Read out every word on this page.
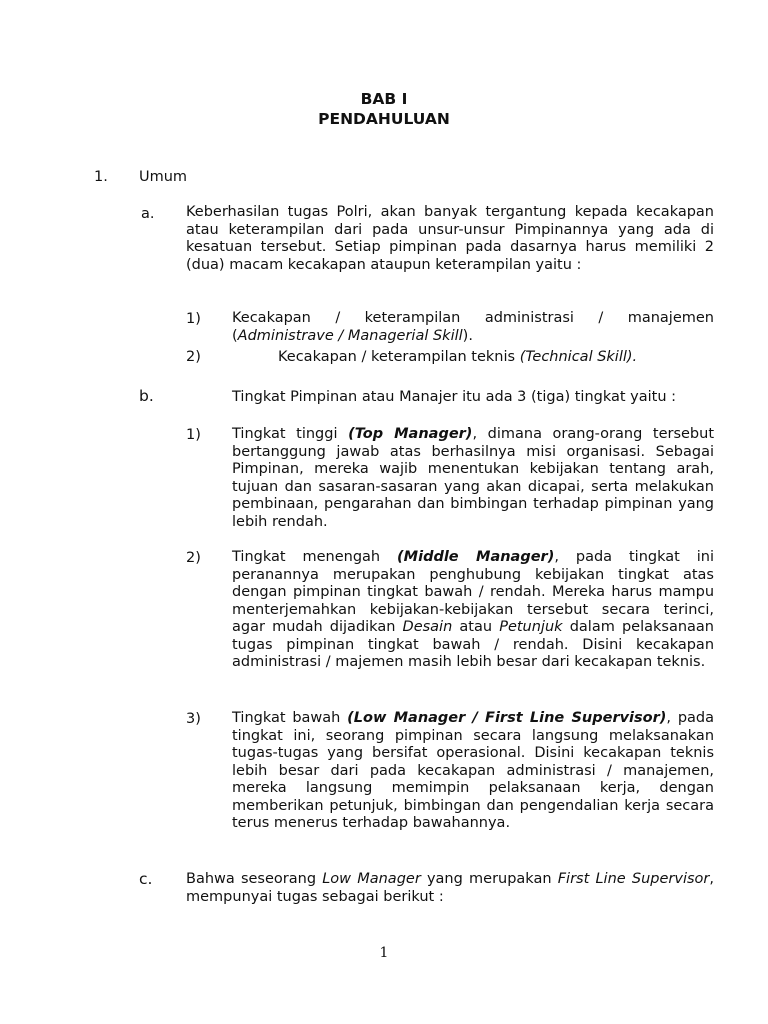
BAB I
PENDAHULUAN
1. Umum
a. Keberhasilan tugas Polri, akan banyak tergantung kepada kecakapan atau keterampilan dari pada unsur-unsur Pimpinannya yang ada di kesatuan tersebut. Setiap pimpinan pada dasarnya harus memiliki 2 (dua) macam kecakapan ataupun keterampilan yaitu :
1) Kecakapan / keterampilan administrasi / manajemen (Administrave / Managerial Skill).
2)	Kecakapan / keterampilan teknis (Technical Skill).
b.	Tingkat Pimpinan atau Manajer itu ada 3 (tiga) tingkat yaitu :
1) Tingkat tinggi (Top Manager), dimana orang-orang tersebut bertanggung jawab atas berhasilnya misi organisasi. Sebagai Pimpinan, mereka wajib menentukan kebijakan tentang arah, tujuan dan sasaran-sasaran yang akan dicapai, serta melakukan pembinaan, pengarahan dan bimbingan terhadap pimpinan yang lebih rendah.
2) Tingkat menengah (Middle Manager), pada tingkat ini peranannya merupakan penghubung kebijakan tingkat atas dengan pimpinan tingkat bawah / rendah. Mereka harus mampu menterjemahkan kebijakan-kebijakan tersebut secara terinci, agar mudah dijadikan Desain atau Petunjuk dalam pelaksanaan tugas pimpinan tingkat bawah / rendah. Disini kecakapan administrasi / majemen masih lebih besar dari kecakapan teknis.
3) Tingkat bawah (Low Manager / First Line Supervisor), pada tingkat ini, seorang pimpinan secara langsung melaksanakan tugas-tugas yang bersifat operasional. Disini kecakapan teknis lebih besar dari pada kecakapan administrasi / manajemen, mereka langsung memimpin pelaksanaan kerja, dengan memberikan petunjuk, bimbingan dan pengendalian kerja secara terus menerus terhadap bawahannya.
c. Bahwa seseorang Low Manager yang merupakan First Line Supervisor, mempunyai tugas sebagai berikut :
1
